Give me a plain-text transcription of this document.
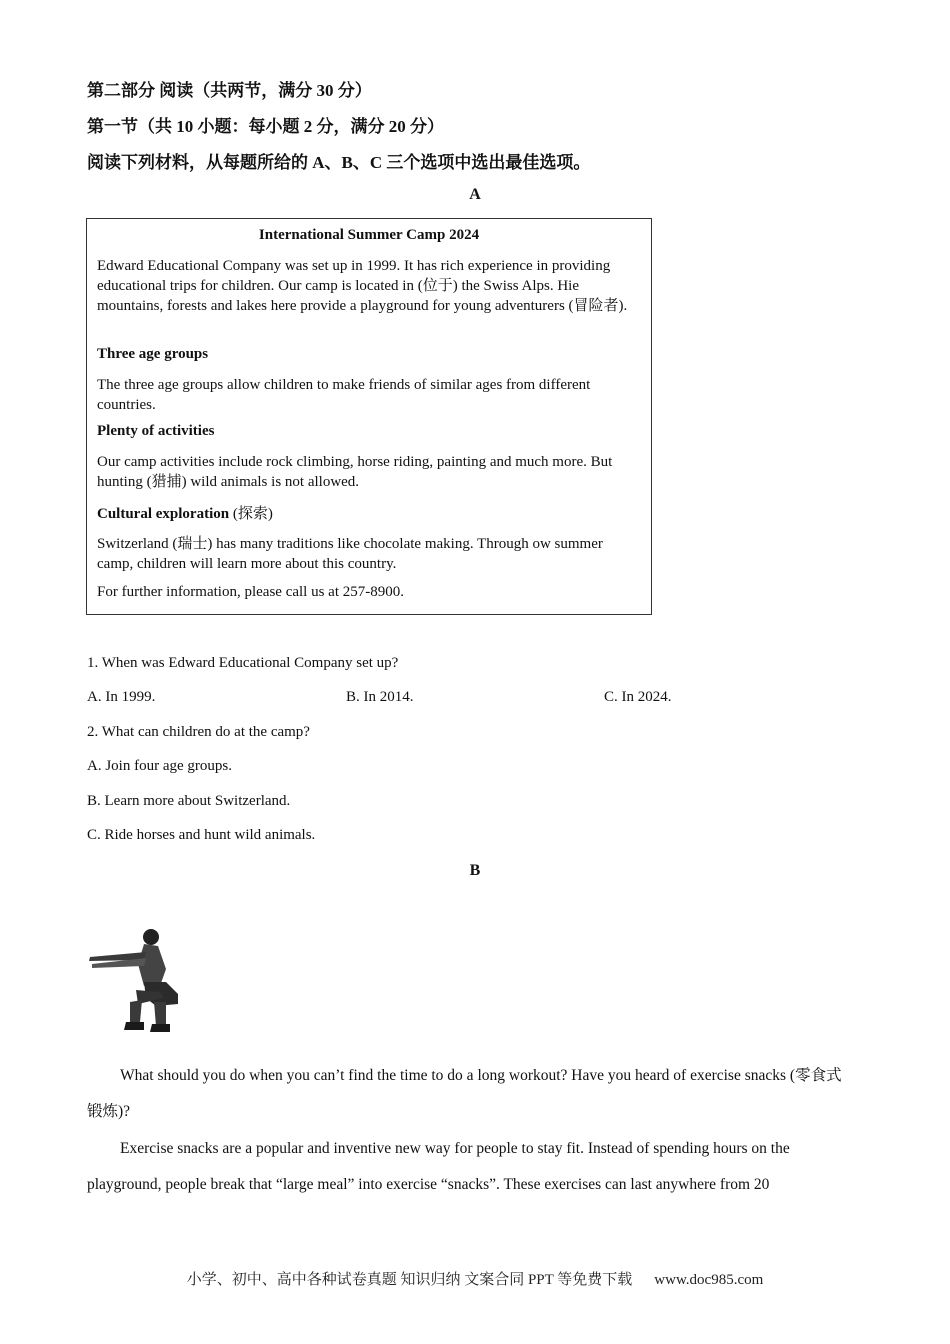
第二部分 阅读（共两节，满分 30 分）
第一节（共 10 小题：每小题 2 分，满分 20 分）
阅读下列材料，从每题所给的 A、B、C 三个选项中选出最佳选项。
A
International Summer Camp 2024
Edward Educational Company was set up in 1999. It has rich experience in providing educational trips for children. Our camp is located in (位于) the Swiss Alps. Hie mountains, forests and lakes here provide a playground for young adventurers (冒险者).
Three age groups
The three age groups allow children to make friends of similar ages from different countries.
Plenty of activities
Our camp activities include rock climbing, horse riding, painting and much more. But hunting (猎捕) wild animals is not allowed.
Cultural exploration (探索)
Switzerland (瑞士) has many traditions like chocolate making. Through ow summer camp, children will learn more about this country.
For further information, please call us at 257-8900.
1. When was Edward Educational Company set up?
A. In 1999.	B. In 2014.	C. In 2024.
2. What can children do at the camp?
A. Join four age groups.
B. Learn more about Switzerland.
C. Ride horses and hunt wild animals.
B
What should you do when you can’t find the time to do a long workout? Have you heard of exercise snacks (零食式锻炼)?
Exercise snacks are a popular and inventive new way for people to stay fit. Instead of spending hours on the playground, people break that “large meal” into exercise “snacks”. These exercises can last anywhere from 20
小学、初中、高中各种试卷真题 知识归纳 文案合同 PPT 等免费下载 www.doc985.com
